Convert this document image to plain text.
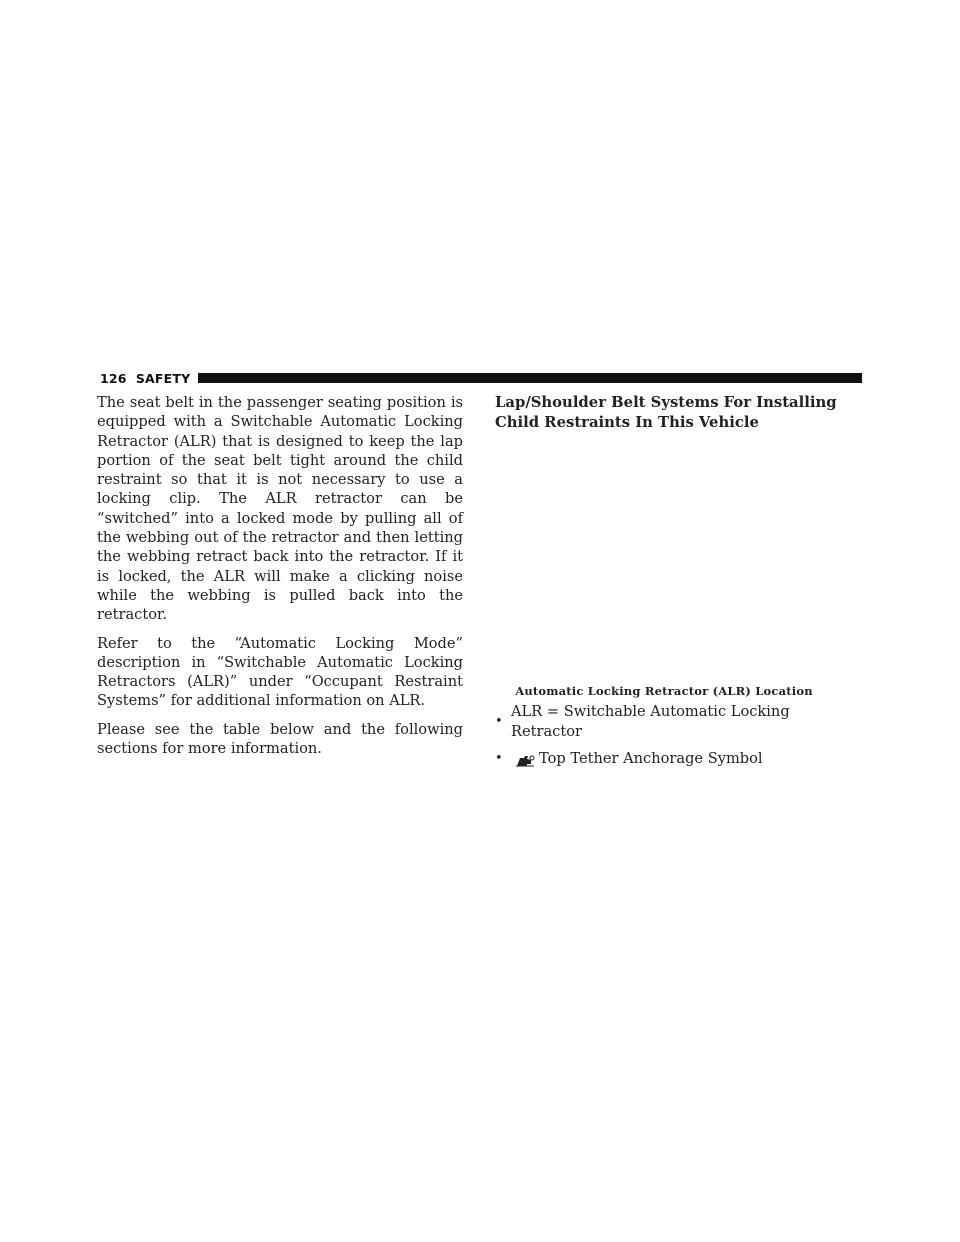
126 SAFETY

The seat belt in the passenger seating position is equipped with a Switchable Automatic Locking Retractor (ALR) that is designed to keep the lap portion of the seat belt tight around the child restraint so that it is not necessary to use a locking clip. The ALR retractor can be “switched” into a locked mode by pulling all of the webbing out of the retractor and then letting the webbing retract back into the retractor. If it is locked, the ALR will make a clicking noise while the webbing is pulled back into the retractor.

Refer to the “Automatic Locking Mode” description in “Switchable Automatic Locking Retractors (ALR)” under “Occupant Restraint Systems” for additional information on ALR.

Please see the table below and the following sections for more information.

Lap/Shoulder Belt Systems For Installing Child Restraints In This Vehicle

Automatic Locking Retractor (ALR) Location

•
ALR = Switchable Automatic Locking Retractor
•	Top Tether Anchorage Symbol
